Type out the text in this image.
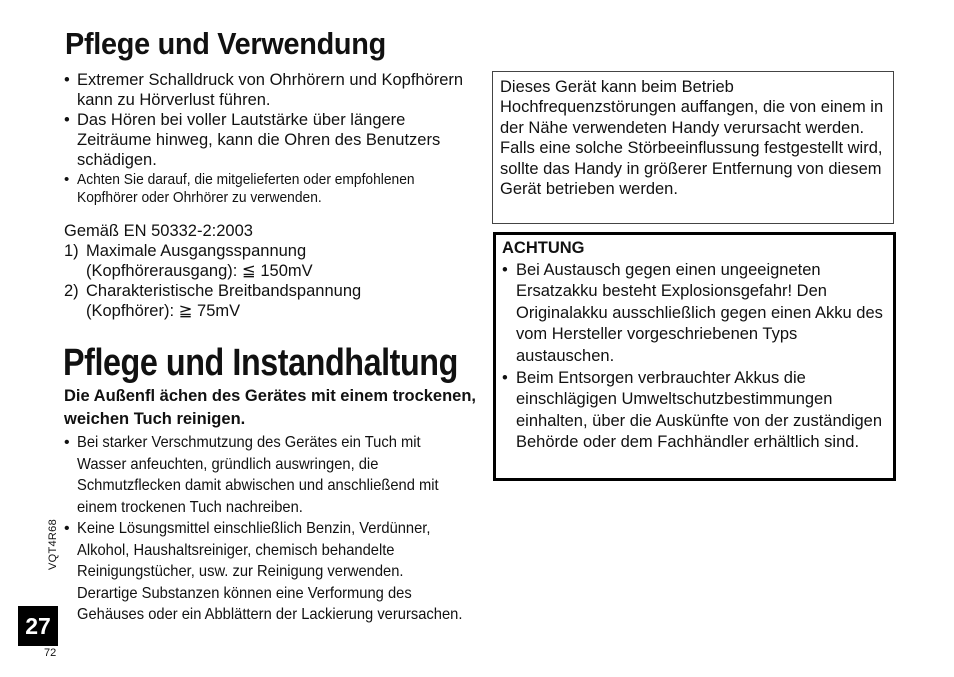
Pflege und Verwendung
• Extremer Schalldruck von Ohrhörern und Kopfhörern kann zu Hörverlust führen.
• Das Hören bei voller Lautstärke über längere Zeiträume hinweg, kann die Ohren des Benutzers schädigen.
• Achten Sie darauf, die mitgelieferten oder empfohlenen Kopfhörer oder Ohrhörer zu verwenden.
Gemäß EN 50332-2:2003
1) Maximale Ausgangsspannung
(Kopfhörerausgang): ≦ 150mV
2) Charakteristische Breitbandspannung
(Kopfhörer): ≧ 75mV
Pflege und Instandhaltung
Die Außenfl ächen des Gerätes mit einem trockenen, weichen Tuch reinigen.
• Bei starker Verschmutzung des Gerätes ein Tuch mit Wasser anfeuchten, gründlich auswringen, die Schmutzflecken damit abwischen und anschließend mit einem trockenen Tuch nachreiben.
• Keine Lösungsmittel einschließlich Benzin, Verdünner, Alkohol, Haushaltsreiniger, chemisch behandelte Reinigungstücher, usw. zur Reinigung verwenden. Derartige Substanzen können eine Verformung des Gehäuses oder ein Abblättern der Lackierung verursachen.
Dieses Gerät kann beim Betrieb Hochfrequenzstörungen auffangen, die von einem in der Nähe verwendeten Handy verursacht werden. Falls eine solche Störbeeinflussung festgestellt wird, sollte das Handy in größerer Entfernung von diesem Gerät betrieben werden.
ACHTUNG
• Bei Austausch gegen einen ungeeigneten Ersatzakku besteht Explosionsgefahr! Den Originalakku ausschließlich gegen einen Akku des vom Hersteller vorgeschriebenen Typs austauschen.
• Beim Entsorgen verbrauchter Akkus die einschlägigen Umweltschutzbestimmungen einhalten, über die Auskünfte von der zuständigen Behörde oder dem Fachhändler erhältlich sind.
VQT4R68
27
72
